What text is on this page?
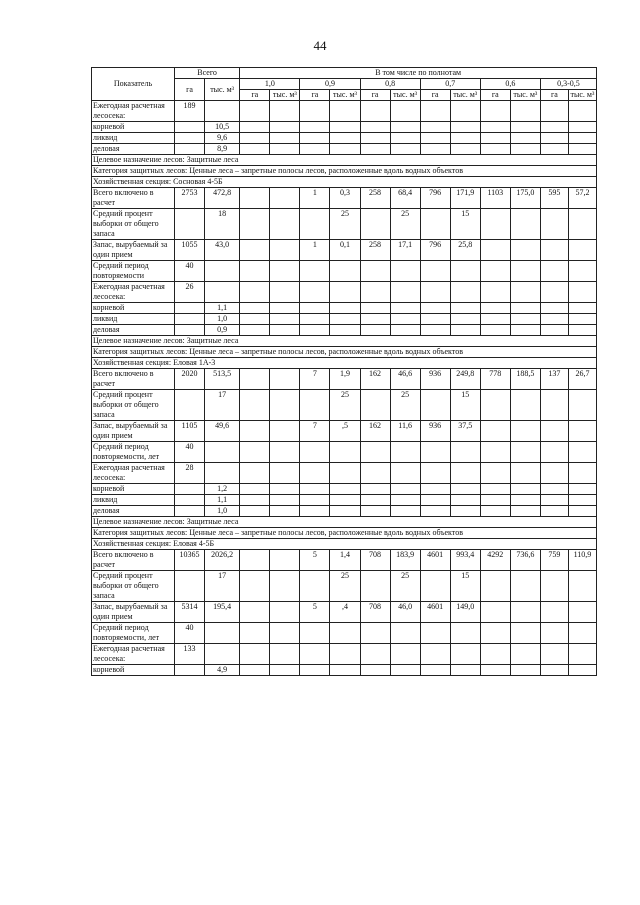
44
Показатель	Всего		В том числе по полнотам											
	га	тыс. м³	1,0		0,9		0,8		0,7		0,6		0,3-0,5	
			га	тыс. м³	га	тыс. м³	га	тыс. м³	га	тыс. м³	га	тыс. м³	га	тыс. м³
Ежегодная расчетная лесосека:	189													
корневой		10,5												
ликвид		9,6												
деловая		8,9												
Целевое назначение лесов: Защитные леса														
Категория защитных лесов: Ценные леса – запретные полосы лесов, расположенные вдоль водных объектов														
Хозяйственная секция: Сосновая 4-5Б														
Всего включено в расчет	2753	472,8			1	0,3	258	68,4	796	171,9	1103	175,0	595	57,2
Средний процент выборки от общего запаса		18				25		25		15				
Запас, вырубаемый за один прием	1055	43,0			1	0,1	258	17,1	796	25,8				
Средний период повторяемости	40													
Ежегодная расчетная лесосека:	26													
корневой		1,1												
ликвид		1,0												
деловая		0,9												
Целевое назначение лесов: Защитные леса														
Категория защитных лесов: Ценные леса – запретные полосы лесов, расположенные вдоль водных объектов														
Хозяйственная секция: Еловая 1А-3														
Всего включено в расчет	2020	513,5			7	1,9	162	46,6	936	249,8	778	188,5	137	26,7
Средний процент выборки от общего запаса		17				25		25		15				
Запас, вырубаемый за один прием	1105	49,6			7	,5	162	11,6	936	37,5				
Средний период повторяемости, лет	40													
Ежегодная расчетная лесосека:	28													
корневой		1,2												
ликвид		1,1												
деловая		1,0												
Целевое назначение лесов: Защитные леса														
Категория защитных лесов: Ценные леса – запретные полосы лесов, расположенные вдоль водных объектов														
Хозяйственная секция: Еловая 4-5Б														
Всего включено в расчет	10365	2026,2			5	1,4	708	183,9	4601	993,4	4292	736,6	759	110,9
Средний процент выборки от общего запаса		17				25		25		15				
Запас, вырубаемый за один прием	5314	195,4			5	,4	708	46,0	4601	149,0				
Средний период повторяемости, лет	40													
Ежегодная расчетная лесосека:	133													
корневой		4,9												
